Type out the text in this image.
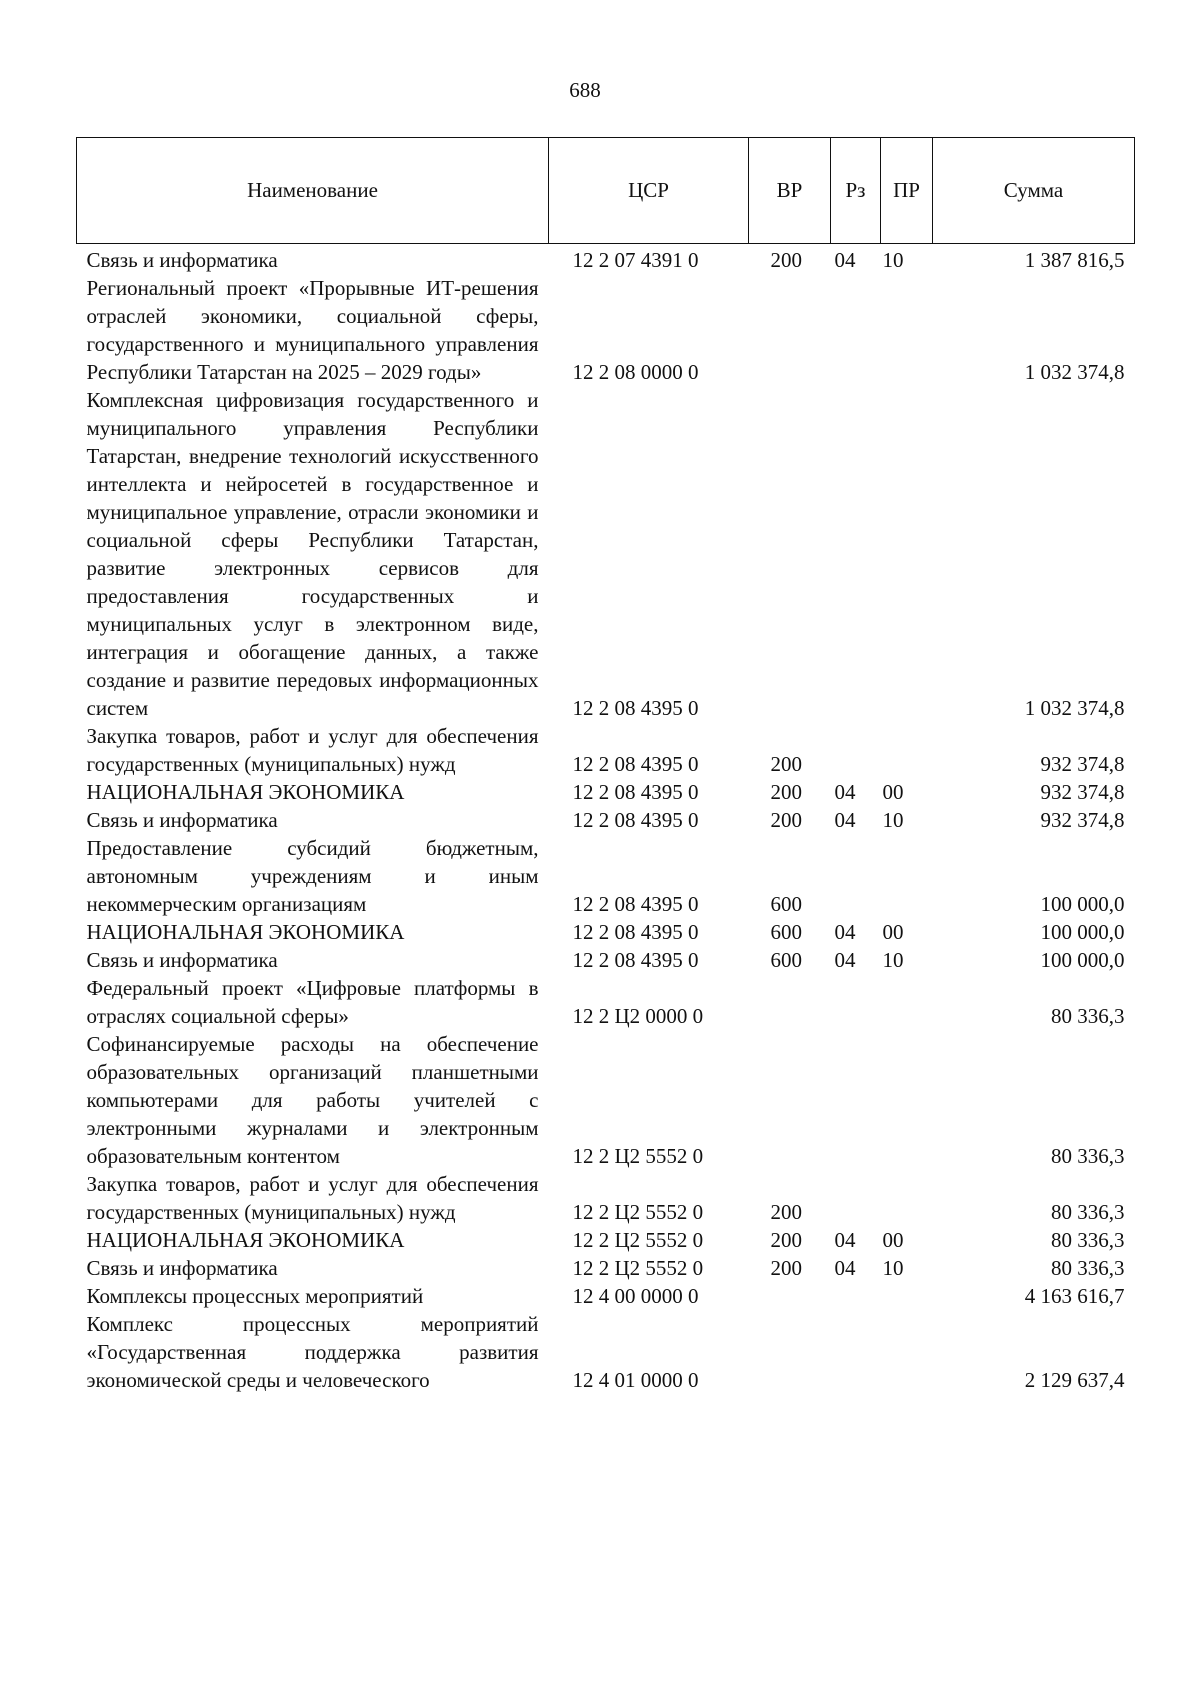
688
Наименование	ЦСР	ВР	Рз	ПР	Сумма
Связь и информатика	12 2 07 4391 0	200	04	10	1 387 816,5
Региональный проект «Прорывные ИТ-решения отраслей экономики, социальной сферы, государственного и муниципального управления Республики Татарстан на 2025 – 2029 годы»	12 2 08 0000 0				1 032 374,8
Комплексная цифровизация государственного и муниципального управления Республики Татарстан, внедрение технологий искусственного интеллекта и нейросетей в государственное и муниципальное управление, отрасли экономики и социальной сферы Республики Татарстан, развитие электронных сервисов для предоставления государственных и муниципальных услуг в электронном виде, интеграция и обогащение данных, а также создание и развитие передовых информационных систем	12 2 08 4395 0				1 032 374,8
Закупка товаров, работ и услуг для обеспечения государственных (муниципальных) нужд	12 2 08 4395 0	200			932 374,8
НАЦИОНАЛЬНАЯ ЭКОНОМИКА	12 2 08 4395 0	200	04	00	932 374,8
Связь и информатика	12 2 08 4395 0	200	04	10	932 374,8
Предоставление субсидий бюджетным, автономным учреждениям и иным некоммерческим организациям	12 2 08 4395 0	600			100 000,0
НАЦИОНАЛЬНАЯ ЭКОНОМИКА	12 2 08 4395 0	600	04	00	100 000,0
Связь и информатика	12 2 08 4395 0	600	04	10	100 000,0
Федеральный проект «Цифровые платформы в отраслях социальной сферы»	12 2 Ц2 0000 0				80 336,3
Софинансируемые расходы на обеспечение образовательных организаций планшетными компьютерами для работы учителей с электронными журналами и электронным образовательным контентом	12 2 Ц2 5552 0				80 336,3
Закупка товаров, работ и услуг для обеспечения государственных (муниципальных) нужд	12 2 Ц2 5552 0	200			80 336,3
НАЦИОНАЛЬНАЯ ЭКОНОМИКА	12 2 Ц2 5552 0	200	04	00	80 336,3
Связь и информатика	12 2 Ц2 5552 0	200	04	10	80 336,3
Комплексы процессных мероприятий	12 4 00 0000 0				4 163 616,7
Комплекс процессных мероприятий «Государственная поддержка развития экономической среды и человеческого	12 4 01 0000 0				2 129 637,4
